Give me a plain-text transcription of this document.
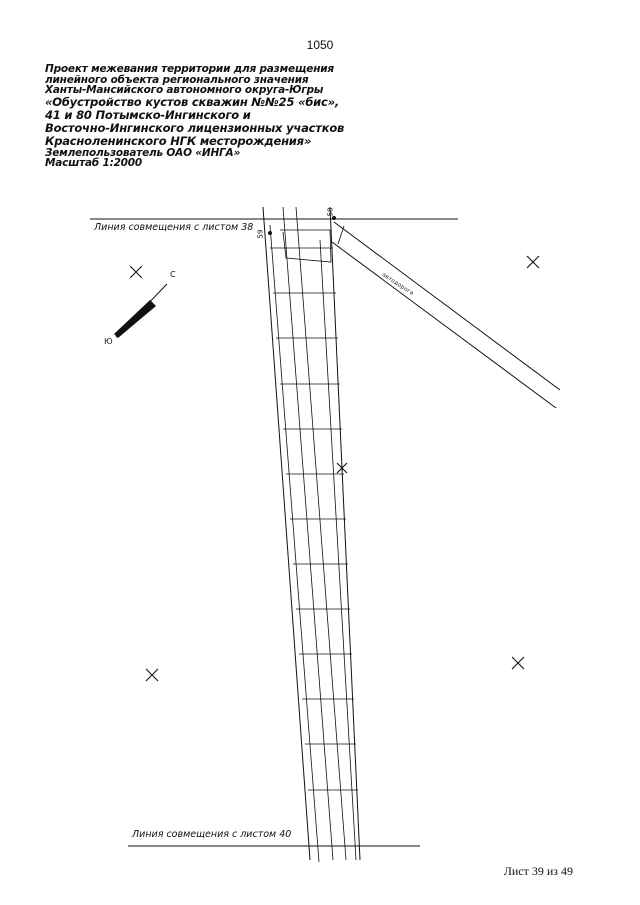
1050
Проект межевания территории для размещения
линейного объекта регионального значения
Ханты-Мансийского автономного округа-Югры
«Обустройство кустов скважин №№25 «бис»,
41 и 80 Потымско-Ингинского и
Восточно-Ингинского лицензионных участков
Красноленинского НГК месторождения»
Землепользователь ОАО «ИНГА»
Масштаб 1:2000
Линия совмещения с листом 38
Линия совмещения с листом 40
59
58
автодорога
С
Ю
Лист 39 из 49
